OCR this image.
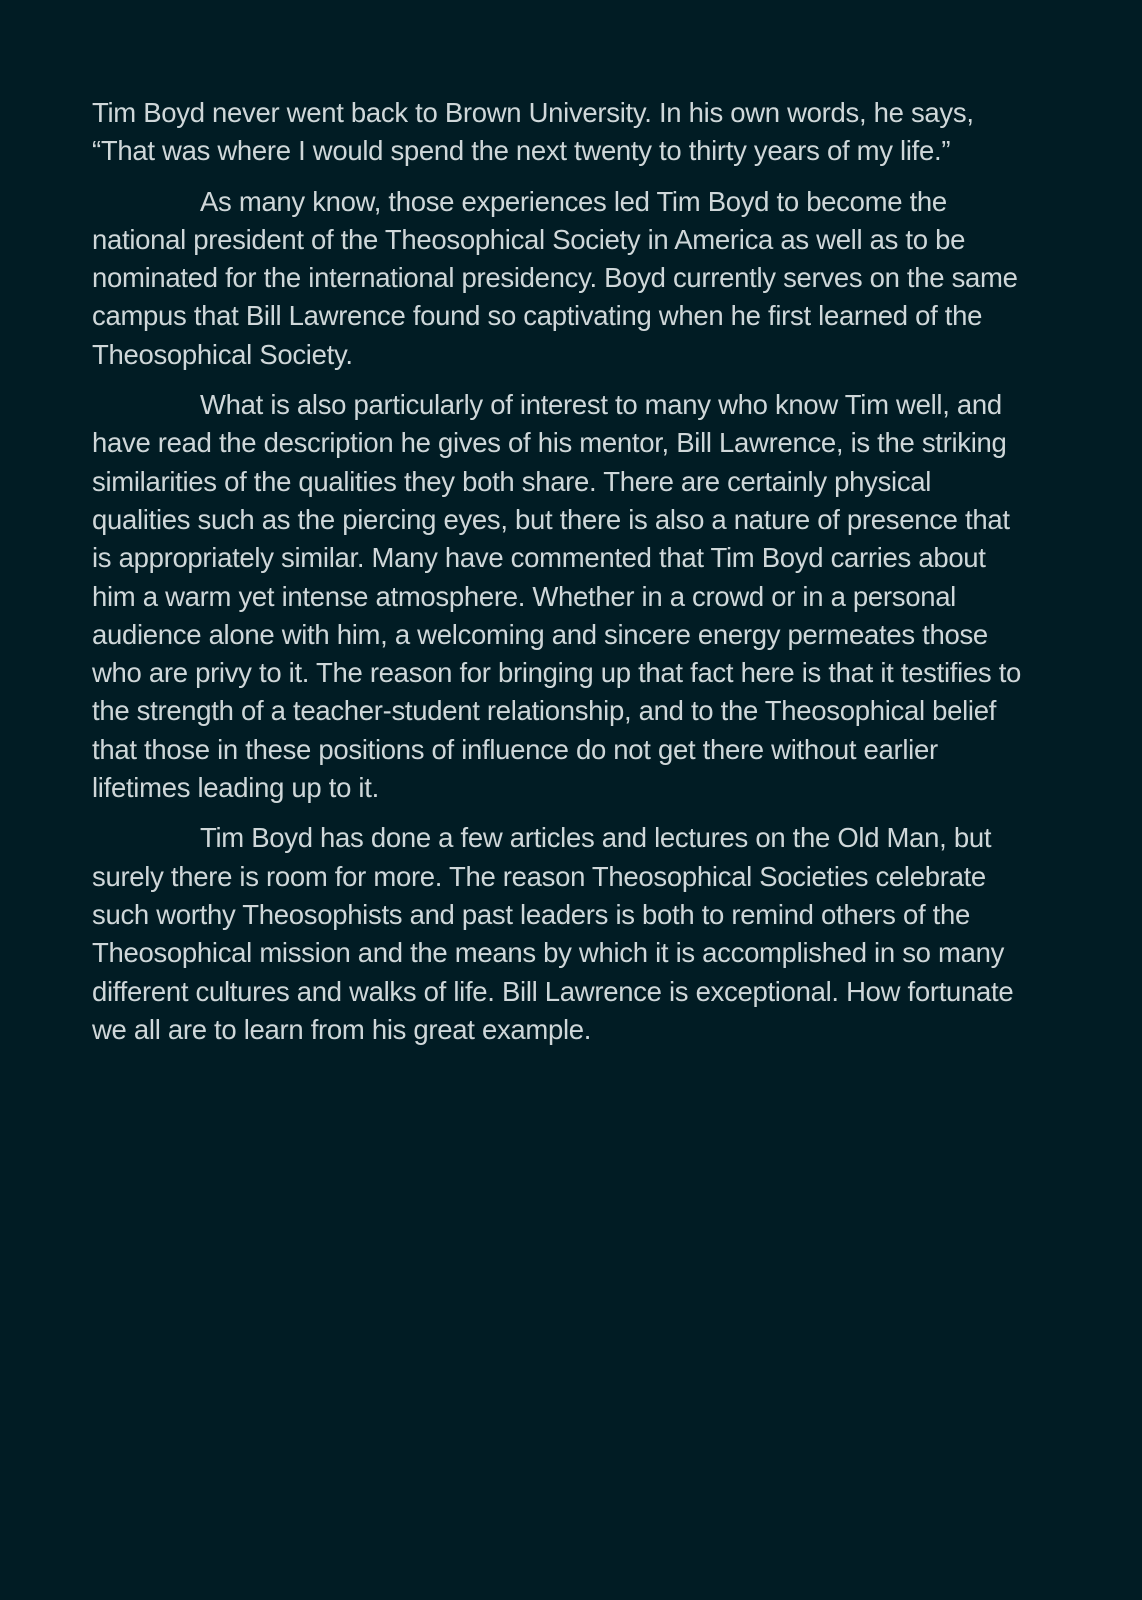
Tim Boyd never went back to Brown University. In his own words, he says,
“That was where I would spend the next twenty to thirty years of my life.”

As many know, those experiences led Tim Boyd to become the
national president of the Theosophical Society in America as well as to be
nominated for the international presidency. Boyd currently serves on the same
campus that Bill Lawrence found so captivating when he first learned of the
Theosophical Society.

What is also particularly of interest to many who know Tim well, and
have read the description he gives of his mentor, Bill Lawrence, is the striking
similarities of the qualities they both share. There are certainly physical
qualities such as the piercing eyes, but there is also a nature of presence that
is appropriately similar. Many have commented that Tim Boyd carries about
him a warm yet intense atmosphere. Whether in a crowd or in a personal
audience alone with him, a welcoming and sincere energy permeates those
who are privy to it. The reason for bringing up that fact here is that it testifies to
the strength of a teacher-student relationship, and to the Theosophical belief
that those in these positions of influence do not get there without earlier
lifetimes leading up to it.

Tim Boyd has done a few articles and lectures on the Old Man, but
surely there is room for more. The reason Theosophical Societies celebrate
such worthy Theosophists and past leaders is both to remind others of the
Theosophical mission and the means by which it is accomplished in so many
different cultures and walks of life. Bill Lawrence is exceptional. How fortunate
we all are to learn from his great example.
